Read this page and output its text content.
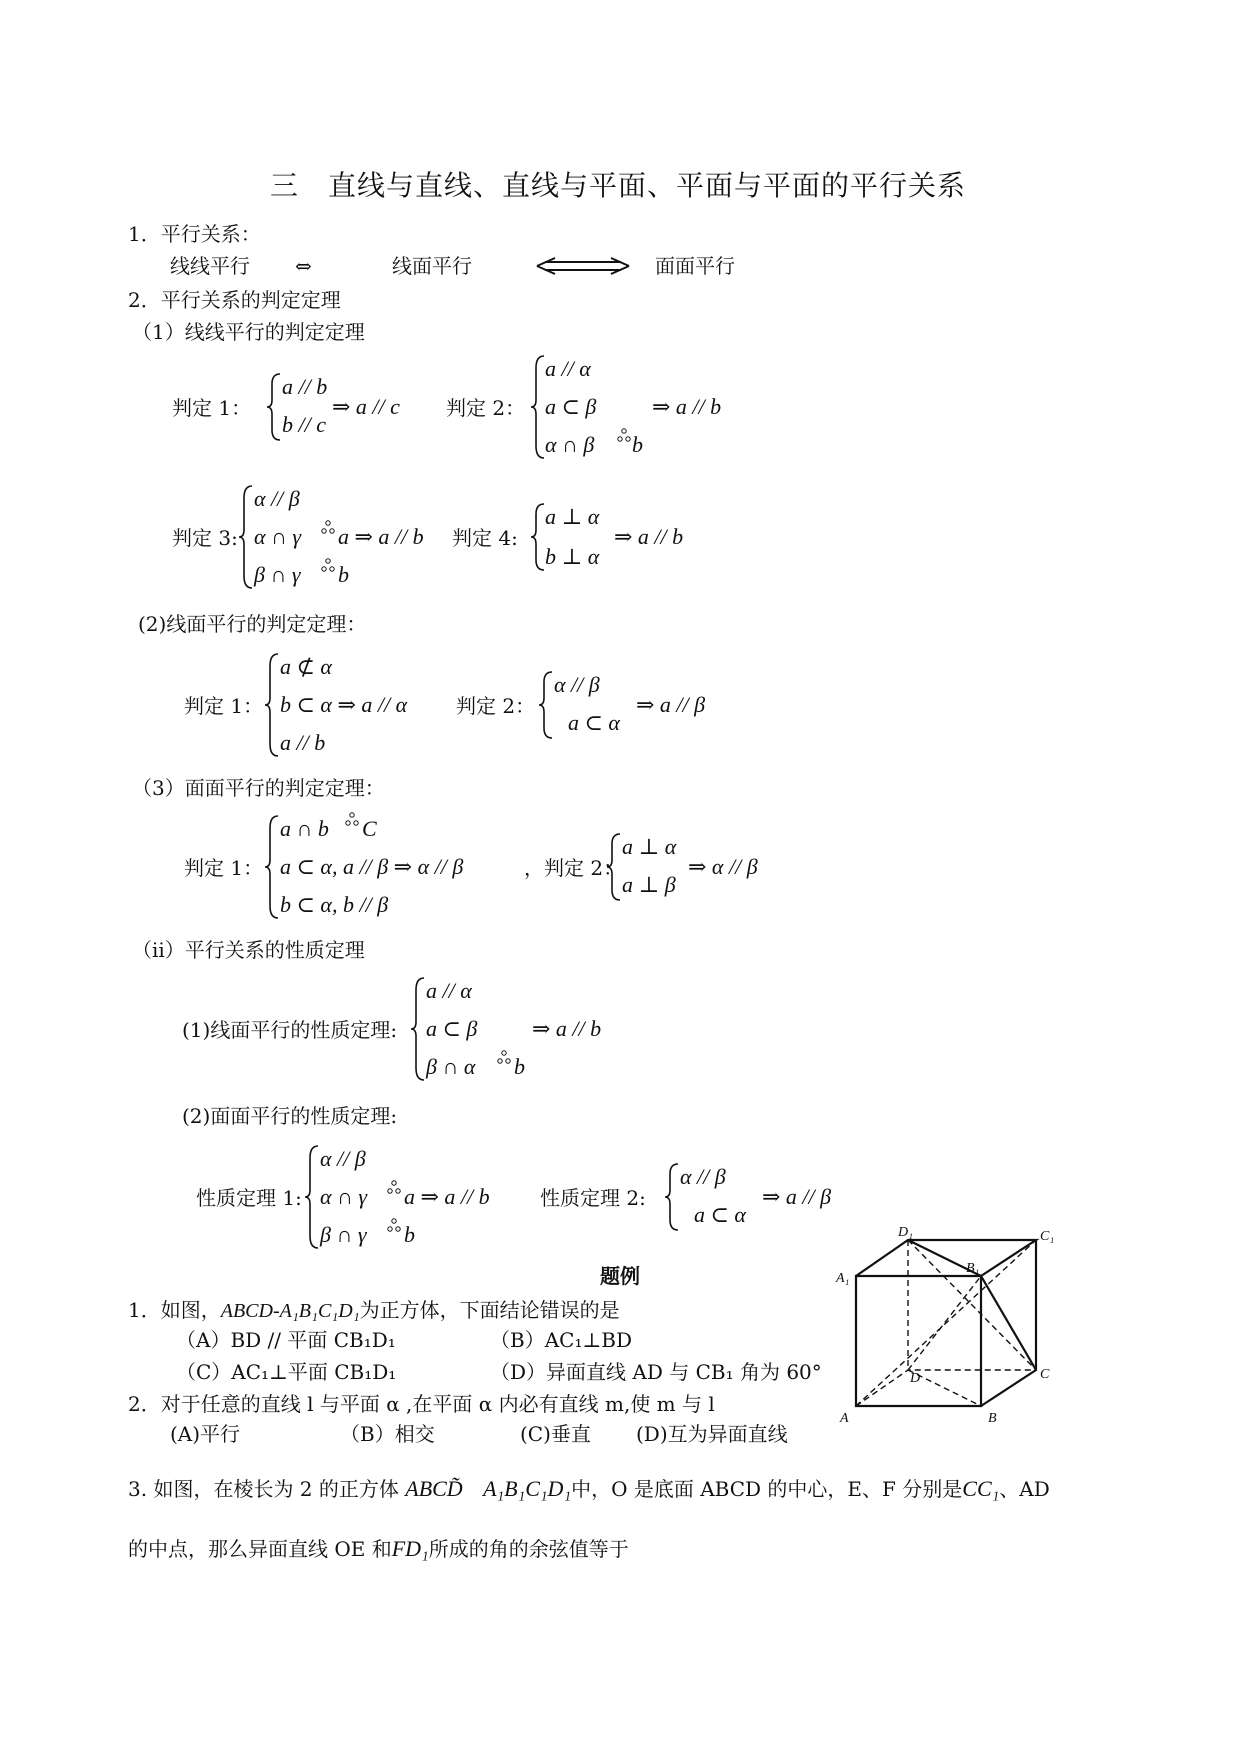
三　直线与直线、直线与平面、平面与平面的平行关系
1．平行关系：
线线平行 ⇔	线面平行	面面平行
2．平行关系的判定定理
（1）线线平行的判定定理
判定 1：
a // b
b // c
⇒ a // c 判定 2：
a // α
a ⊂ β
α ∩ β b
⇒ a // b
判定 3:
α // β
α ∩ γ a ⇒ a // b
β ∩ γ b
判定 4:
a ⊥ α
b ⊥ α
⇒ a // b
(2)线面平行的判定定理：
判定 1：
a ⊄ α
b ⊂ α ⇒ a // α
a // b
判定 2：
α // β
a ⊂ α
⇒ a // β
（3）面面平行的判定定理：
判定 1：
a ∩ b C
a ⊂ α, a // β ⇒ α // β	，判定 2：
b ⊂ α, b // β
a ⊥ α
a ⊥ β
⇒ α // β
（ii）平行关系的性质定理
(1)线面平行的性质定理:
a // α
a ⊂ β
β ∩ α b
⇒ a // b
(2)面面平行的性质定理:
性质定理 1:
α // β
α ∩ γ a ⇒ a // b
β ∩ γ b
性质定理 2:
α // β
a ⊂ α
⇒ a // β
题例
1．如图，ABCD-A₁B₁C₁D₁为正方体，下面结论错误的是
（A）BD // 平面 CB₁D₁	（B）AC₁⊥BD
（C）AC₁⊥平面 CB₁D₁	（D）异面直线 AD 与 CB₁ 角为 60°
2．对于任意的直线 l 与平面 α ,在平面 α 内必有直线 m,使 m 与 l
(A)平行	（B）相交	(C)垂直 (D)互为异面直线
3. 如图，在棱长为 2 的正方体 ABCD̃ A₁B₁C₁D₁中，O 是底面 ABCD 的中心，E、F 分别是CC₁、AD
的中点，那么异面直线 OE 和FD₁所成的角的余弦值等于
A₁
D₁
B₁
C₁
D	C
A	B
